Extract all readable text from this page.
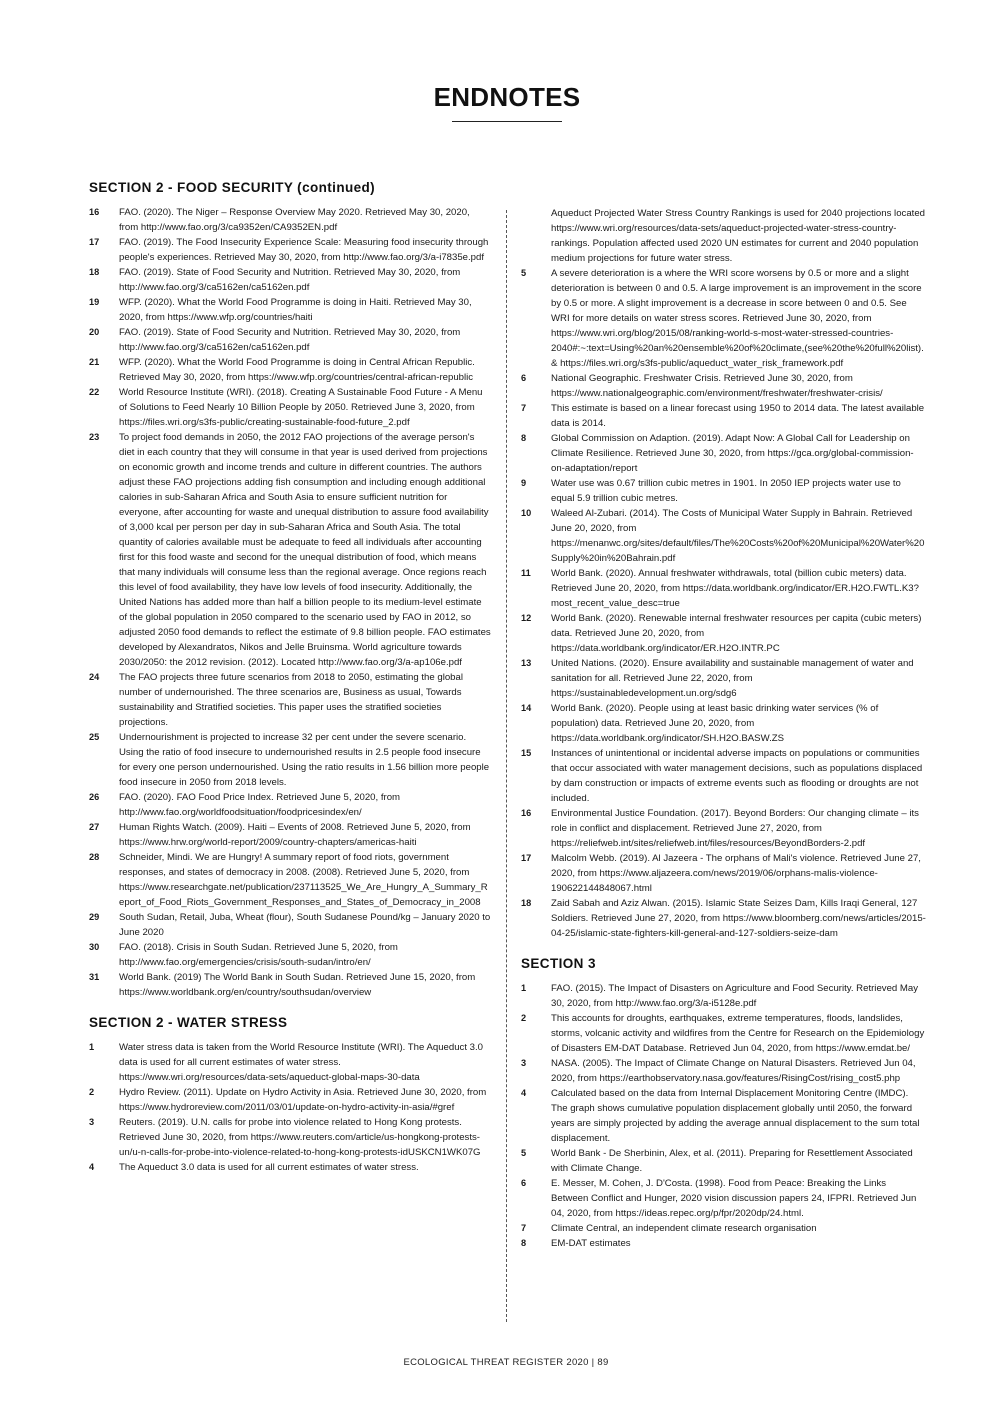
ENDNOTES
SECTION 2 - FOOD SECURITY (continued)
16	FAO. (2020). The Niger – Response Overview May 2020. Retrieved May 30, 2020, from http://www.fao.org/3/ca9352en/CA9352EN.pdf
17	FAO. (2019). The Food Insecurity Experience Scale: Measuring food insecurity through people's experiences. Retrieved May 30, 2020, from http://www.fao.org/3/a-i7835e.pdf
18	FAO. (2019). State of Food Security and Nutrition. Retrieved May 30, 2020, from http://www.fao.org/3/ca5162en/ca5162en.pdf
19	WFP. (2020). What the World Food Programme is doing in Haiti. Retrieved May 30, 2020, from https://www.wfp.org/countries/haiti
20	FAO. (2019). State of Food Security and Nutrition. Retrieved May 30, 2020, from http://www.fao.org/3/ca5162en/ca5162en.pdf
21	WFP. (2020). What the World Food Programme is doing in Central African Republic. Retrieved May 30, 2020, from https://www.wfp.org/countries/central-african-republic
22	World Resource Institute (WRI). (2018). Creating A Sustainable Food Future - A Menu of Solutions to Feed Nearly 10 Billion People by 2050. Retrieved June 3, 2020, from https://files.wri.org/s3fs-public/creating-sustainable-food-future_2.pdf
23	To project food demands in 2050, the 2012 FAO projections of the average person's diet in each country that they will consume in that year is used derived from projections on economic growth and income trends and culture in different countries. The authors adjust these FAO projections adding fish consumption and including enough additional calories in sub-Saharan Africa and South Asia to ensure sufficient nutrition for everyone, after accounting for waste and unequal distribution to assure food availability of 3,000 kcal per person per day in sub-Saharan Africa and South Asia. The total quantity of calories available must be adequate to feed all individuals after accounting first for this food waste and second for the unequal distribution of food, which means that many individuals will consume less than the regional average. Once regions reach this level of food availability, they have low levels of food insecurity. Additionally, the United Nations has added more than half a billion people to its medium-level estimate of the global population in 2050 compared to the scenario used by FAO in 2012, so adjusted 2050 food demands to reflect the estimate of 9.8 billion people. FAO estimates developed by Alexandratos, Nikos and Jelle Bruinsma. World agriculture towards 2030/2050: the 2012 revision. (2012). Located http://www.fao.org/3/a-ap106e.pdf
24	The FAO projects three future scenarios from 2018 to 2050, estimating the global number of undernourished. The three scenarios are, Business as usual, Towards sustainability and Stratified societies. This paper uses the stratified societies projections.
25	Undernourishment is projected to increase 32 per cent under the severe scenario. Using the ratio of food insecure to undernourished results in 2.5 people food insecure for every one person undernourished. Using the ratio results in 1.56 billion more people food insecure in 2050 from 2018 levels.
26	FAO. (2020). FAO Food Price Index. Retrieved June 5, 2020, from http://www.fao.org/worldfoodsituation/foodpricesindex/en/
27	Human Rights Watch. (2009). Haiti – Events of 2008. Retrieved June 5, 2020, from https://www.hrw.org/world-report/2009/country-chapters/americas-haiti
28	Schneider, Mindi. We are Hungry! A summary report of food riots, government responses, and states of democracy in 2008. (2008). Retrieved June 5, 2020, from https://www.researchgate.net/publication/237113525_We_Are_Hungry_A_Summary_Report_of_Food_Riots_Government_Responses_and_States_of_Democracy_in_2008
29	South Sudan, Retail, Juba, Wheat (flour), South Sudanese Pound/kg – January 2020 to June 2020
30	FAO. (2018). Crisis in South Sudan. Retrieved June 5, 2020, from http://www.fao.org/emergencies/crisis/south-sudan/intro/en/
31	World Bank. (2019) The World Bank in South Sudan. Retrieved June 15, 2020, from https://www.worldbank.org/en/country/southsudan/overview
SECTION 2 - WATER STRESS
1	Water stress data is taken from the World Resource Institute (WRI). The Aqueduct 3.0 data is used for all current estimates of water stress. https://www.wri.org/resources/data-sets/aqueduct-global-maps-30-data
2	Hydro Review. (2011). Update on Hydro Activity in Asia. Retrieved June 30, 2020, from https://www.hydroreview.com/2011/03/01/update-on-hydro-activity-in-asia/#gref
3	Reuters. (2019). U.N. calls for probe into violence related to Hong Kong protests. Retrieved June 30, 2020, from https://www.reuters.com/article/us-hongkong-protests-un/u-n-calls-for-probe-into-violence-related-to-hong-kong-protests-idUSKCN1WK07G
4	The Aqueduct 3.0 data is used for all current estimates of water stress.
Aqueduct Projected Water Stress Country Rankings is used for 2040 projections located https://www.wri.org/resources/data-sets/aqueduct-projected-water-stress-country-rankings. Population affected used 2020 UN estimates for current and 2040 population medium projections for future water stress.
5	A severe deterioration is a where the WRI score worsens by 0.5 or more and a slight deterioration is between 0 and 0.5. A large improvement is an improvement in the score by 0.5 or more. A slight improvement is a decrease in score between 0 and 0.5. See WRI for more details on water stress scores. Retrieved June 30, 2020, from https://www.wri.org/blog/2015/08/ranking-world-s-most-water-stressed-countries-2040#:~:text=Using%20an%20ensemble%20of%20climate,(see%20the%20full%20list). & https://files.wri.org/s3fs-public/aqueduct_water_risk_framework.pdf
6	National Geographic. Freshwater Crisis. Retrieved June 30, 2020, from https://www.nationalgeographic.com/environment/freshwater/freshwater-crisis/
7	This estimate is based on a linear forecast using 1950 to 2014 data. The latest available data is 2014.
8	Global Commission on Adaption. (2019). Adapt Now: A Global Call for Leadership on Climate Resilience. Retrieved June 30, 2020, from https://gca.org/global-commission-on-adaptation/report
9	Water use was 0.67 trillion cubic metres in 1901. In 2050 IEP projects water use to equal 5.9 trillion cubic metres.
10	Waleed Al-Zubari. (2014). The Costs of Municipal Water Supply in Bahrain. Retrieved June 20, 2020, from https://menanwc.org/sites/default/files/The%20Costs%20of%20Municipal%20Water%20Supply%20in%20Bahrain.pdf
11	World Bank. (2020). Annual freshwater withdrawals, total (billion cubic meters) data. Retrieved June 20, 2020, from https://data.worldbank.org/indicator/ER.H2O.FWTL.K3?most_recent_value_desc=true
12	World Bank. (2020). Renewable internal freshwater resources per capita (cubic meters) data. Retrieved June 20, 2020, from https://data.worldbank.org/indicator/ER.H2O.INTR.PC
13	United Nations. (2020). Ensure availability and sustainable management of water and sanitation for all. Retrieved June 22, 2020, from https://sustainabledevelopment.un.org/sdg6
14	World Bank. (2020). People using at least basic drinking water services (% of population) data. Retrieved June 20, 2020, from https://data.worldbank.org/indicator/SH.H2O.BASW.ZS
15	Instances of unintentional or incidental adverse impacts on populations or communities that occur associated with water management decisions, such as populations displaced by dam construction or impacts of extreme events such as flooding or droughts are not included.
16	Environmental Justice Foundation. (2017). Beyond Borders: Our changing climate – its role in conflict and displacement. Retrieved June 27, 2020, from https://reliefweb.int/sites/reliefweb.int/files/resources/BeyondBorders-2.pdf
17	Malcolm Webb. (2019). Al Jazeera - The orphans of Mali's violence. Retrieved June 27, 2020, from https://www.aljazeera.com/news/2019/06/orphans-malis-violence-190622144848067.html
18	Zaid Sabah and Aziz Alwan. (2015). Islamic State Seizes Dam, Kills Iraqi General, 127 Soldiers. Retrieved June 27, 2020, from https://www.bloomberg.com/news/articles/2015-04-25/islamic-state-fighters-kill-general-and-127-soldiers-seize-dam
SECTION 3
1	FAO. (2015). The Impact of Disasters on Agriculture and Food Security. Retrieved May 30, 2020, from http://www.fao.org/3/a-i5128e.pdf
2	This accounts for droughts, earthquakes, extreme temperatures, floods, landslides, storms, volcanic activity and wildfires from the Centre for Research on the Epidemiology of Disasters EM-DAT Database. Retrieved Jun 04, 2020, from https://www.emdat.be/
3	NASA. (2005). The Impact of Climate Change on Natural Disasters. Retrieved Jun 04, 2020, from https://earthobservatory.nasa.gov/features/RisingCost/rising_cost5.php
4	Calculated based on the data from Internal Displacement Monitoring Centre (IMDC). The graph shows cumulative population displacement globally until 2050, the forward years are simply projected by adding the average annual displacement to the sum total displacement.
5	World Bank - De Sherbinin, Alex, et al. (2011). Preparing for Resettlement Associated with Climate Change.
6	E. Messer, M. Cohen, J. D'Costa. (1998). Food from Peace: Breaking the Links Between Conflict and Hunger, 2020 vision discussion papers 24, IFPRI. Retrieved Jun 04, 2020, from https://ideas.repec.org/p/fpr/2020dp/24.html.
7	Climate Central, an independent climate research organisation
8	EM-DAT estimates
ECOLOGICAL THREAT REGISTER 2020 | 89
